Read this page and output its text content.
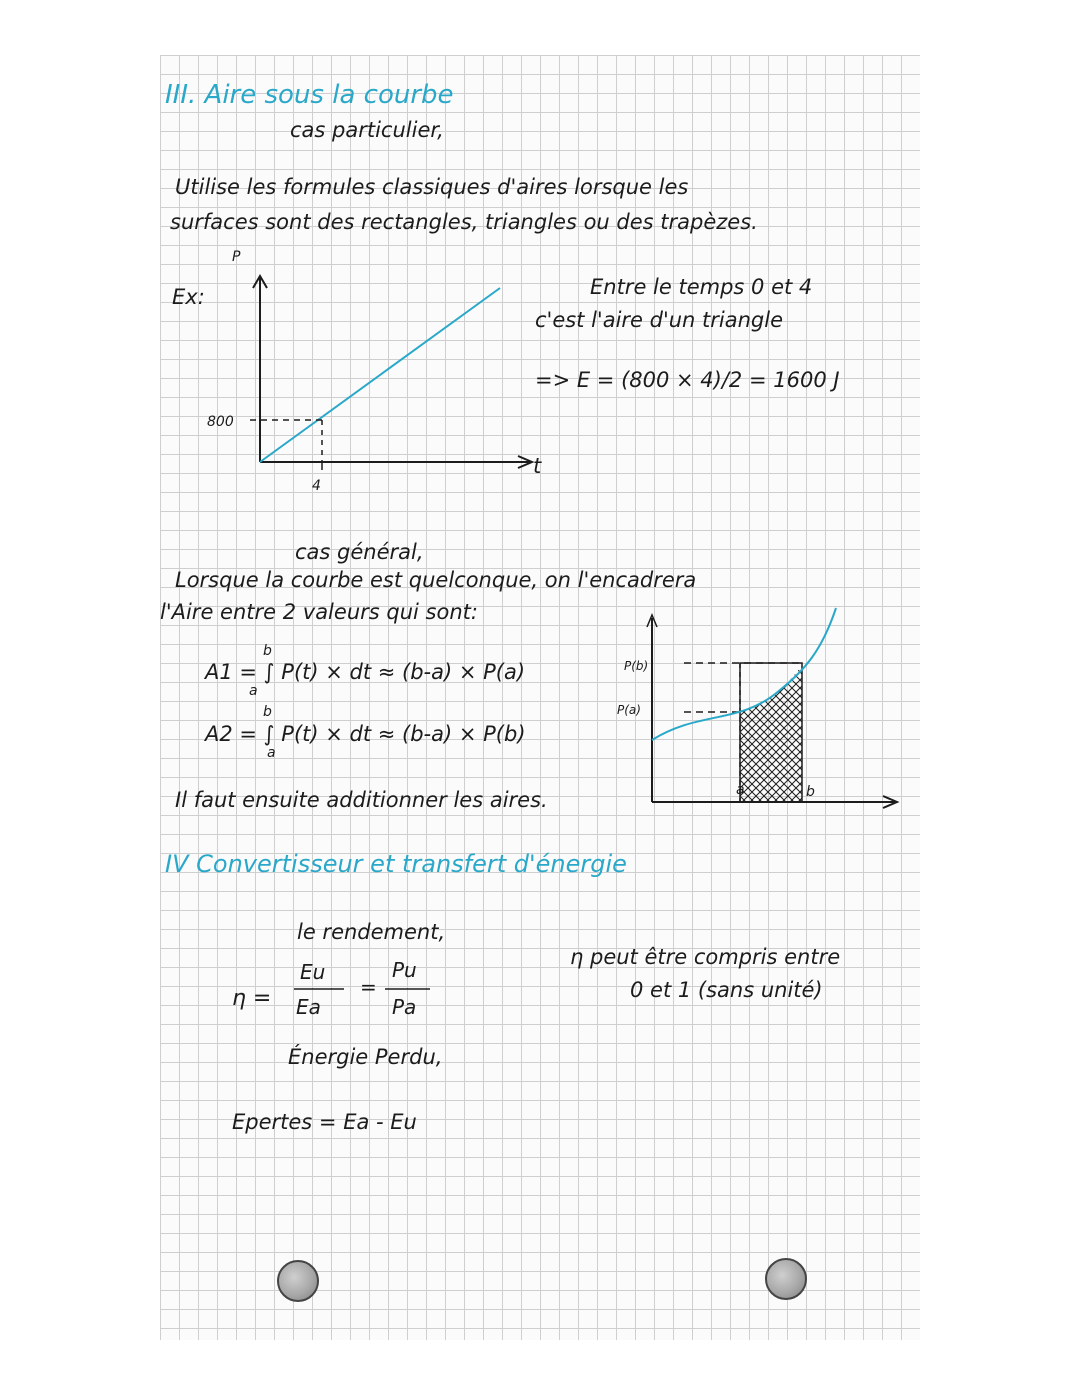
III. Aire sous la courbe
cas particulier,
Utilise les formules classiques d'aires lorsque les
surfaces sont des rectangles, triangles ou des trapèzes.
Ex:
P
800
4
t
Entre le temps 0 et 4
c'est l'aire d'un triangle
=> E = (800 × 4)/2 = 1600 J
cas général,
Lorsque la courbe est quelconque, on l'encadrera
l'Aire entre 2 valeurs qui sont:
b
A1 = ∫ P(t) × dt ≈ (b-a) × P(a)
a
b
A2 = ∫ P(t) × dt ≈ (b-a) × P(b)
a
P(b)
P(a)
a	b
Il faut ensuite additionner les aires.
IV Convertisseur et transfert d'énergie
le rendement,
η =
Eu
Ea
=
Pu
Pa
η peut être compris entre
0 et 1 (sans unité)
Énergie Perdu,
Epertes = Ea - Eu
